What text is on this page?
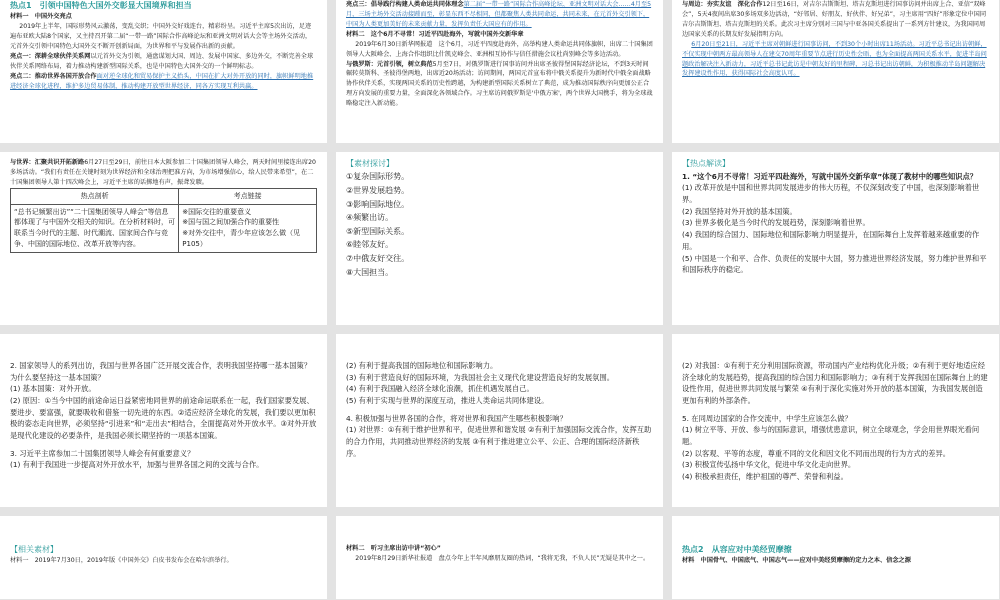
热点1　引领中国特色大国外交彰显大国境界和担当
材料一　中国外交亮点

2019年上半年，国际形势风云激荡，变乱交织；中国外交好戏连台，精彩纷呈。习近平主席5次出访，足迹遍布亚欧大陆8个国家，又主持召开第二届“一带一路”国际合作高峰论坛和亚洲文明对话大会等主场外交活动，元首外交引领中国特色大国外交不断开创新局面，为世界和平与发展作出新的贡献。

亮点一：深耕全球伙伴关系网以元首外交为引领，通盘谋划大国、周边、发展中国家、多边外交，不断完善全球伙伴关系网络布局，着力推动构建新型国际关系，也是中国特色大国外交的一个鲜明标志。

亮点二：推动世界各国开放合作面对逆全球化和贸易保护主义抬头，中国在扩大对外开放的同时，旗帜鲜明地推进经济全球化进程，维护多边贸易体制，推动构建开放型世界经济，同各方实现互利共赢。

亮点三：倡导践行构建人类命运共同体理念第二届“一带一路”国际合作高峰论坛、亚洲文明对话大会……4月至5月，三场主场外交活动接踵而至，彰显东西不尽相同，但都聚焦人类共同命运，共同未来，在元首外交引领下，中国为人类更加美好的未来贡献力量，发挥负责任大国应有的作用。

材料二　这个6月不寻常！习近平四赴海外，写就中国外交新华章

2019年6月30日新华网报道　这个6月，习近平四度赴海外，高举构建人类命运共同体旗帜，出席二十国集团领导人大阪峰会、上海合作组织比什凯克峰会、亚洲相互协作与信任措施会议杜尚别峰会等多边活动。

与俄罗斯：元首引领，树立典范5月至7日，对俄罗斯进行国事访问并出席圣彼得堡国际经济论坛，不到3天时间辗转莫斯科、圣彼得堡两地，出席近20场活动；访问期间，两国元首宣布将中俄关系提升为新时代中俄全面战略协作伙伴关系，实现两国关系的历史性跨越，为构建新型国际关系树立了典范，成为推动国际秩序向更加公正合理方向发展的重要力量，全面深化各领域合作。习主席访问俄罗斯是'中俄方案'，两个世界大国携手，将为全球战略稳定注入新动能。

与周边：夯实友谊　深化合作12日至16日，对吉尔吉斯斯坦、塔吉克斯坦进行国事访问并出席上合、亚信“双峰会”，5天4夜间出席30多场双多边活动，“好邻居、好朋友、好伙伴、好兄弟”，习主席用“四好”形象定位中国同吉尔吉斯斯坦、塔吉克斯坦的关系。此次习主席分别对三国与中亚各国关系提出了一系列方针建议，为我国同周边国家关系的长期友好发展指明方向。

6月20日至21日，习近平主席对朝鲜进行国事访问，不到30个小时出席11场活动。习近平总书记出访朝鲜，不仅实现中朝两方最高领导人在建交70周年重要节点进行历史性会晤，也为全面提高两国关系水平，促进半岛问题政治解决注入新动力，习近平总书记此访是中朝友好的里程碑，习总书记出访朝鲜，为积极推动半岛问题解决发挥建设性作用，获得国际社会高度认可。

与世界：汇聚共识开拓新路6月27日至29日，前往日本大阪参加二十国集团领导人峰会，两天时间里接连出席20多场活动。“我们有责任在关键时刻为世界经济和全球治理把准方向，为市场增强信心，给人民带来希望”，在二十国集团领导人第十四次峰会上，习近平主席的话掷地有声，振聋发聩。

热点剖析	考点链接
“总书记频繁出访”“二十国集团领导人峰会”等信息都体现了与中国外交相关的知识。在分析材料时，可联系当今时代的主题、时代潮流、国家间合作与竞争、中国的国际地位、改革开放等内容。	※国际交往的重要意义
※国与国之间加强合作的重要性
※对外交往中，青少年应该怎么做（见P105）
【素材探讨】
①复杂国际形势。
②世界发展趋势。
③影响国际地位。
④频繁出访。
⑤新型国际关系。
⑥睦邻友好。
⑦中俄友好交往。
⑧大国担当。
【热点解读】
1. “这个6月不寻常！习近平四赴海外，写就中国外交新华章”体现了教材中的哪些知识点？
(1) 改革开放是中国和世界共同发展进步的伟大历程，不仅深刻改变了中国，也深刻影响着世界。
(2) 我国坚持对外开放的基本国策。
(3) 世界多极化是当今时代的发展趋势，深刻影响着世界。
(4) 我国的综合国力、国际地位和国际影响力明显提升，在国际舞台上发挥着越来越重要的作用。
(5) 中国是一个和平、合作、负责任的发展中大国，努力推进世界经济发展，努力维护世界和平和国际秩序的稳定。
2. 国家领导人的系列出访，我国与世界各国广泛开展交流合作，表明我国坚持哪一基本国策？为什么要坚持这一基本国策？
(1) 基本国策：对外开放。
(2) 原因：①当今中国的前途命运日益紧密地同世界的前途命运联系在一起，我们国家要发展、要进步、要富强，就要吸收和借鉴一切先进的东西。②适应经济全球化的发展，我们要以更加积极的姿态走向世界，必须坚持“引进来”和“走出去”相结合，全面提高对外开放水平。③对外开放是现代化建设的必要条件，是我国必须长期坚持的一项基本国策。
3. 习近平主席参加二十国集团领导人峰会有何重要意义？
(1) 有利于我国进一步提高对外开放水平，加强与世界各国之间的交流与合作。
(2) 有利于提高我国的国际地位和国际影响力。
(3) 有利于营造良好的国际环境，为我国社会主义现代化建设营造良好的发展氛围。
(4) 有利于我国融入经济全球化浪潮，抓住机遇发展自己。
(5) 有利于实现与世界的深度互动，推进人类命运共同体建设。
4. 积极加强与世界各国的合作，将对世界和我国产生哪些积极影响？
(1) 对世界：①有利于维护世界和平，促进世界和谐发展 ②有利于加强国际交流合作，发挥互助的合力作用，共同推动世界经济的发展 ③有利于推进建立公平、公正、合理的国际经济新秩序。
(2) 对我国：①有利于充分利用国际资源，带动国内产业结构优化升级；②有利于更好地适应经济全球化的发展趋势，提高我国的综合国力和国际影响力；③有利于发挥我国在国际舞台上的建设性作用，促进世界共同发展与繁荣 ④有利于深化实施对外开放的基本国策，为我国发展创造更加有利的外部条件。
5. 在同周边国家的合作交流中，中学生应该怎么做？
(1) 树立平等、开放、参与的国际意识，增强忧患意识，树立全球观念，学会用世界眼光看问题。
(2) 以客观、平等的态度，尊重不同的文化和因文化不同而出现的行为方式的差异。
(3) 积极宣传弘扬中华文化，促进中华文化走向世界。
(4) 积极承担责任，维护祖国的尊严、荣誉和利益。
【相关素材】

材料一　2019年7月30日，2019年版《中国外交》白皮书发布会在哈尔滨举行。

材料二　听习主席出访中讲“初心”

2019年8月29日新华社报道　盘点今年上半年风靡朋友圈的热词，“我将无我，不负人民”无疑是其中之一。

热点2　从容应对中美经贸摩擦

材料　中国骨气、中国底气、中国志气——应对中美经贸摩擦的定力之本、信念之源
